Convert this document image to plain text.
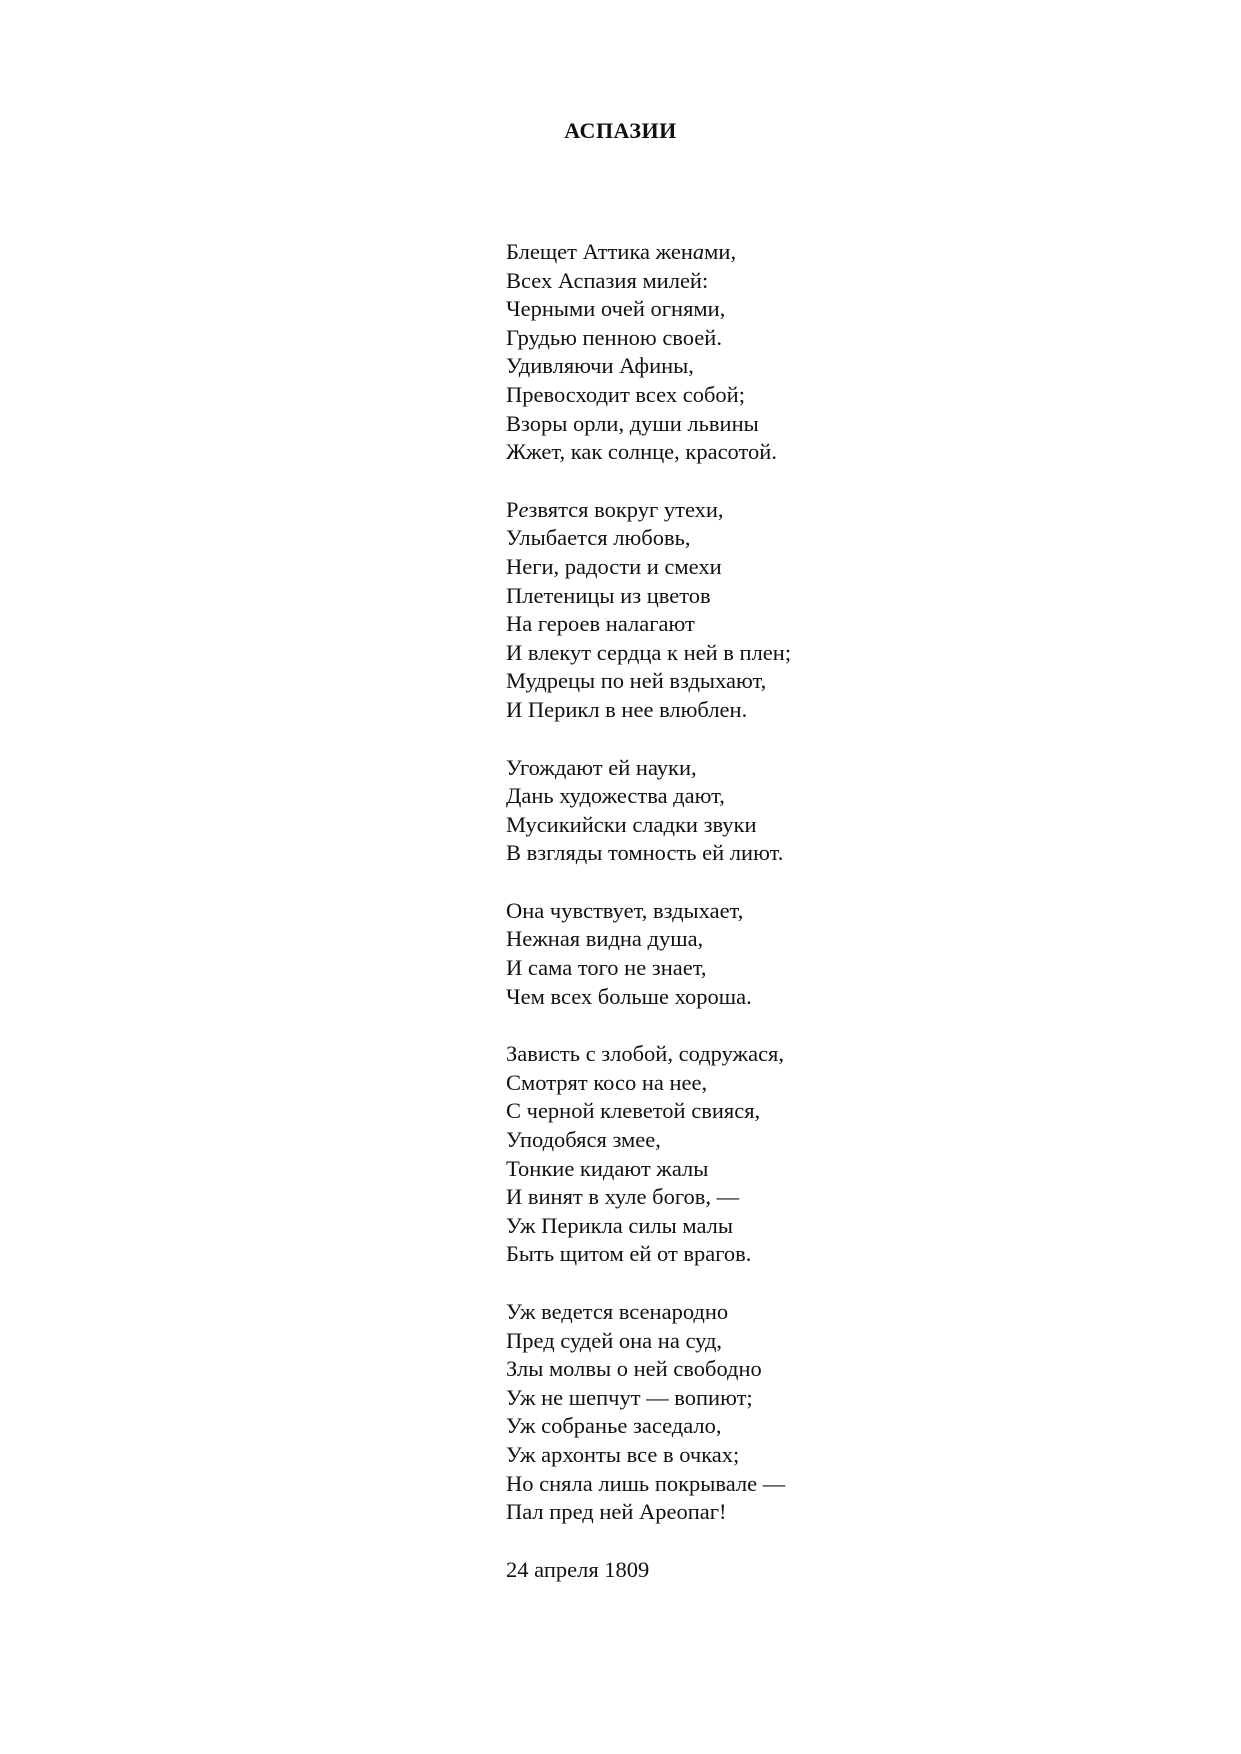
АСПАЗИИ
Блещет Аттика женами,
Всех Аспазия милей:
Черными очей огнями,
Грудью пенною своей.
Удивляючи Афины,
Превосходит всех собой;
Взоры орли, души львины
Жжет, как солнце, красотой.
Резвятся вокруг утехи,
Улыбается любовь,
Неги, радости и смехи
Плетеницы из цветов
На героев налагают
И влекут сердца к ней в плен;
Мудрецы по ней вздыхают,
И Перикл в нее влюблен.
Угождают ей науки,
Дань художества дают,
Мусикийски сладки звуки
В взгляды томность ей лиют.
Она чувствует, вздыхает,
Нежная видна душа,
И сама того не знает,
Чем всех больше хороша.
Зависть с злобой, содружася,
Смотрят косо на нее,
С черной клеветой свияся,
Уподобяся змее,
Тонкие кидают жалы
И винят в хуле богов, —
Уж Перикла силы малы
Быть щитом ей от врагов.
Уж ведется всенародно
Пред судей она на суд,
Злы молвы о ней свободно
Уж не шепчут — вопиют;
Уж собранье заседало,
Уж архонты все в очках;
Но сняла лишь покрывале —
Пал пред ней Ареопаг!
24 апреля 1809
